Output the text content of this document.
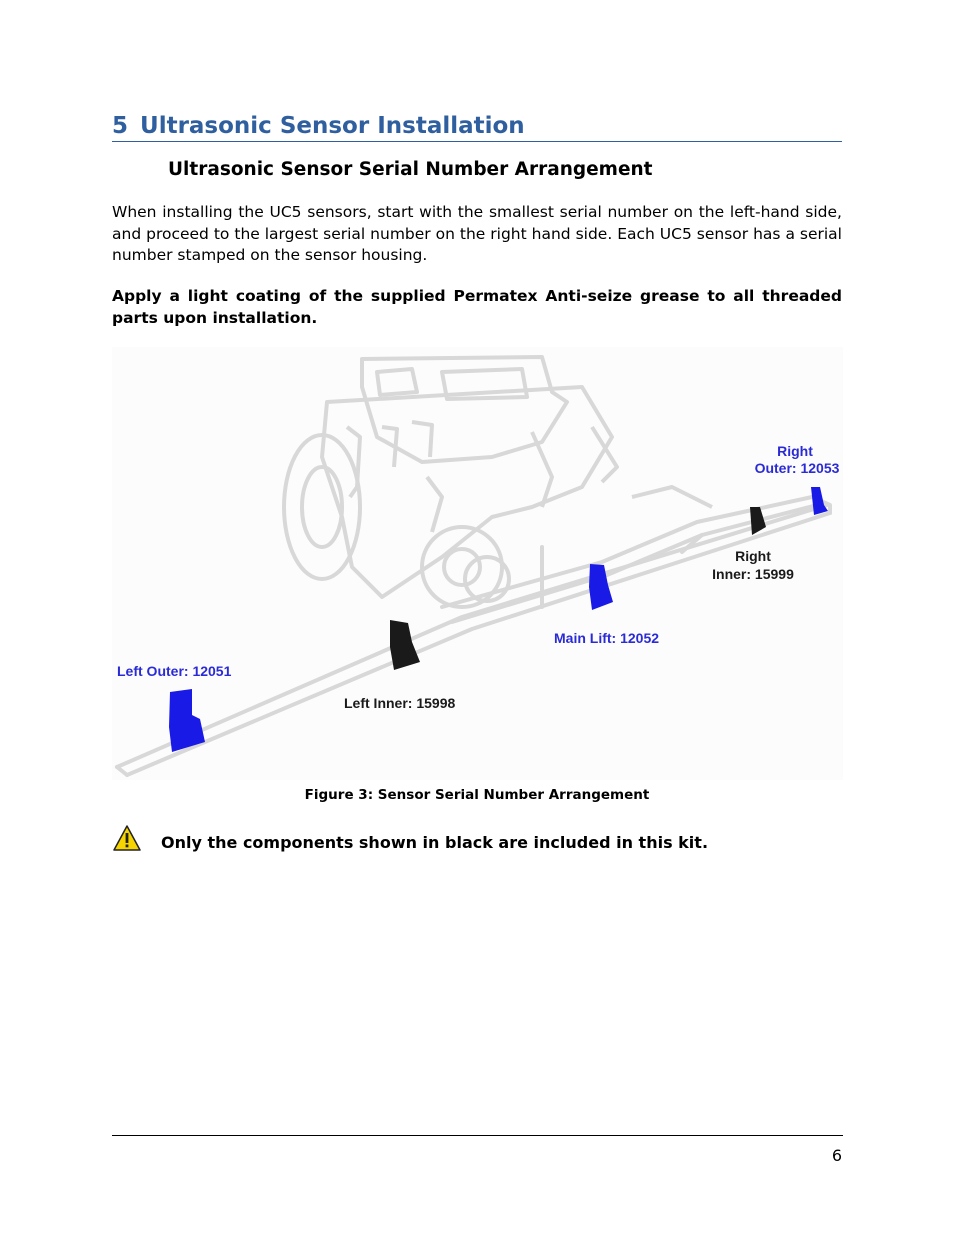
5 Ultrasonic Sensor Installation
Ultrasonic Sensor Serial Number Arrangement
When installing the UC5 sensors, start with the smallest serial number on the left-hand side, and proceed to the largest serial number on the right hand side. Each UC5 sensor has a serial number stamped on the sensor housing.
Apply a light coating of the supplied Permatex Anti-seize grease to all threaded parts upon installation.
Right
Outer: 12053
Right
Inner: 15999
Main Lift: 12052
Left Outer: 12051
Left Inner: 15998
Figure 3: Sensor Serial Number Arrangement
Only the components shown in black are included in this kit.
6
